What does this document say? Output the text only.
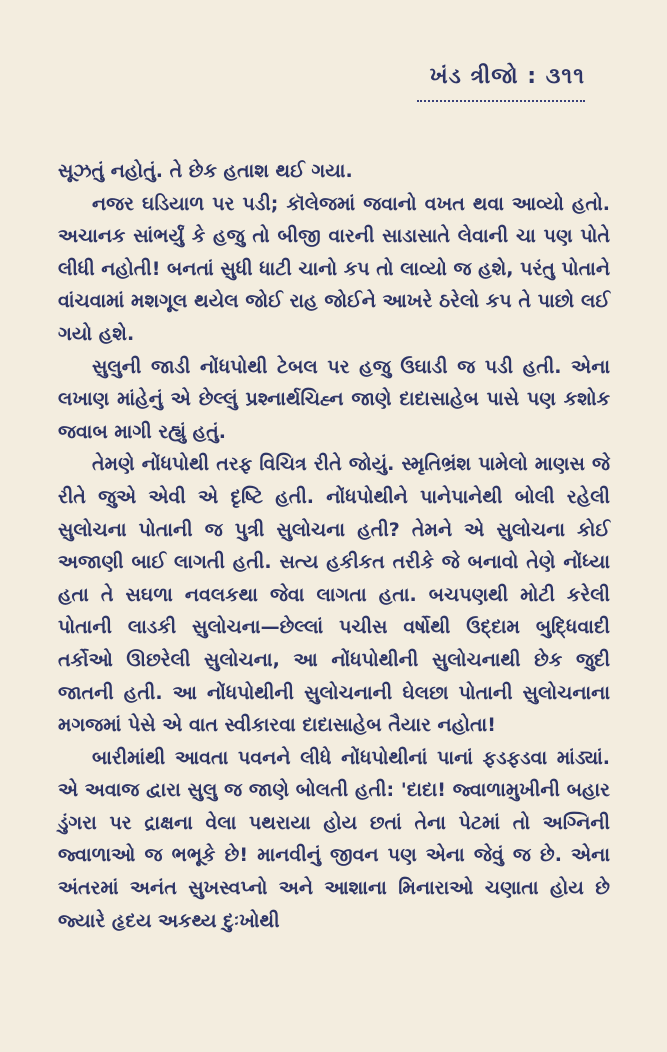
ખંડ ત્રીજો : ૩૧૧

સૂઝતું નહોતું. તે છેક હતાશ થઈ ગયા.

નજર ઘડિયાળ પર પડી; કૉલેજમાં જવાનો વખત થવા આવ્યો હતો. અચાનક સાંભર્યું કે હજુ તો બીજી વારની સાડાસાતે લેવાની ચા પણ પોતે લીધી નહોતી! બનતાં સુધી ધાટી ચાનો કપ તો લાવ્યો જ હશે, પરંતુ પોતાને વાંચવામાં મશગૂલ થયેલ જોઈ રાહ જોઈને આખરે ઠરેલો કપ તે પાછો લઈ ગયો હશે.

સુલુની જાડી નોંધપોથી ટેબલ પર હજુ ઉઘાડી જ પડી હતી. એના લખાણ માંહેનું એ છેલ્લું પ્રશ્નાર્થચિહ્ન જાણે દાદાસાહેબ પાસે પણ કશોક જવાબ માગી રહ્યું હતું.

તેમણે નોંધપોથી તરફ વિચિત્ર રીતે જોયું. સ્મૃતિભ્રંશ પામેલો માણસ જે રીતે જુએ એવી એ દૃષ્ટિ હતી. નોંધપોથીને પાનેપાનેથી બોલી રહેલી સુલોચના પોતાની જ પુત્રી સુલોચના હતી? તેમને એ સુલોચના કોઈ અજાણી બાઈ લાગતી હતી. સત્ય હકીકત તરીકે જે બનાવો તેણે નોંધ્યા હતા તે સઘળા નવલકથા જેવા લાગતા હતા. બચપણથી મોટી કરેલી પોતાની લાડકી સુલોચના—છેલ્લાં પચીસ વર્ષોથી ઉદ્દામ બુદ્ધિવાદી તર્કોઓ ઊછરેલી સુલોચના, આ નોંધપોથીની સુલોચનાથી છેક જુદી જાતની હતી. આ નોંધપોથીની સુલોચનાની ઘેલછા પોતાની સુલોચનાના મગજમાં પેસે એ વાત સ્વીકારવા દાદાસાહેબ તૈયાર નહોતા!

બારીમાંથી આવતા પવનને લીધે નોંધપોથીનાં પાનાં ફડફડવા માંડ્યાં. એ અવાજ દ્વારા સુલુ જ જાણે બોલતી હતી: 'દાદા! જ્વાળામુખીની બહાર ડુંગરા પર દ્રાક્ષના વેલા પથરાયા હોય છતાં તેના પેટમાં તો અગ્નિની જ્વાળાઓ જ ભભૂકે છે! માનવીનું જીવન પણ એના જેવું જ છે. એના અંતરમાં અનંત સુખસ્વપ્નો અને આશાના મિનારાઓ ચણાતા હોય છે જ્યારે હૃદય અકથ્ય દુઃખોથી
